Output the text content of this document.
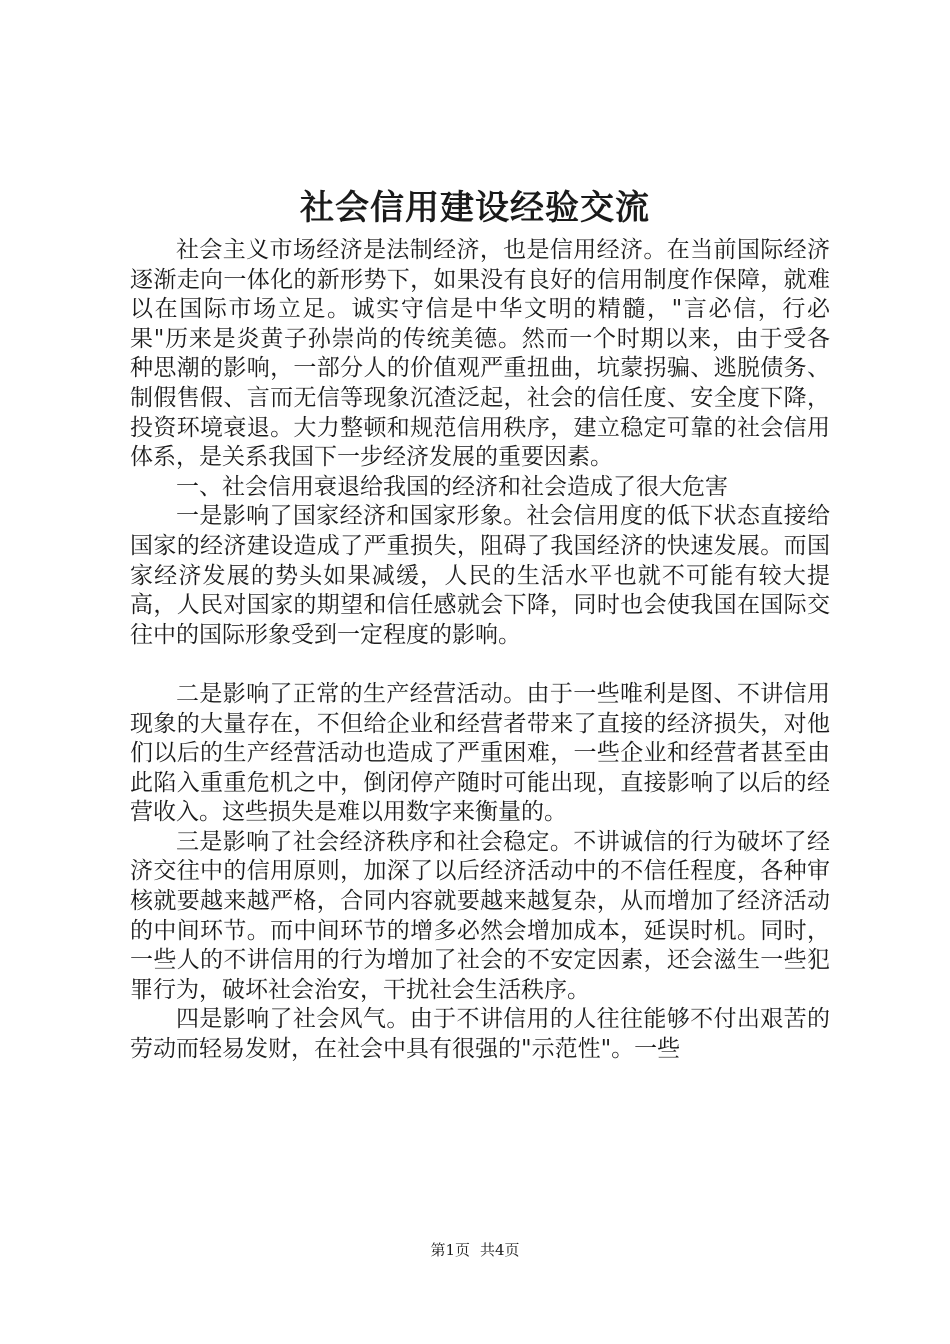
社会信用建设经验交流

社会主义市场经济是法制经济，也是信用经济。在当前国际经济逐渐走向一体化的新形势下，如果没有良好的信用制度作保障，就难以在国际市场立足。诚实守信是中华文明的精髓，"言必信，行必果"历来是炎黄子孙崇尚的传统美德。然而一个时期以来，由于受各种思潮的影响，一部分人的价值观严重扭曲，坑蒙拐骗、逃脱债务、制假售假、言而无信等现象沉渣泛起，社会的信任度、安全度下降，投资环境衰退。大力整顿和规范信用秩序，建立稳定可靠的社会信用体系，是关系我国下一步经济发展的重要因素。

一、社会信用衰退给我国的经济和社会造成了很大危害

一是影响了国家经济和国家形象。社会信用度的低下状态直接给国家的经济建设造成了严重损失，阻碍了我国经济的快速发展。而国家经济发展的势头如果减缓，人民的生活水平也就不可能有较大提高，人民对国家的期望和信任感就会下降，同时也会使我国在国际交往中的国际形象受到一定程度的影响。

二是影响了正常的生产经营活动。由于一些唯利是图、不讲信用现象的大量存在，不但给企业和经营者带来了直接的经济损失，对他们以后的生产经营活动也造成了严重困难，一些企业和经营者甚至由此陷入重重危机之中，倒闭停产随时可能出现，直接影响了以后的经营收入。这些损失是难以用数字来衡量的。

三是影响了社会经济秩序和社会稳定。不讲诚信的行为破坏了经济交往中的信用原则，加深了以后经济活动中的不信任程度，各种审核就要越来越严格，合同内容就要越来越复杂，从而增加了经济活动的中间环节。而中间环节的增多必然会增加成本，延误时机。同时，一些人的不讲信用的行为增加了社会的不安定因素，还会滋生一些犯罪行为，破坏社会治安，干扰社会生活秩序。

四是影响了社会风气。由于不讲信用的人往往能够不付出艰苦的劳动而轻易发财，在社会中具有很强的"示范性"。一些

第1页 共4页
